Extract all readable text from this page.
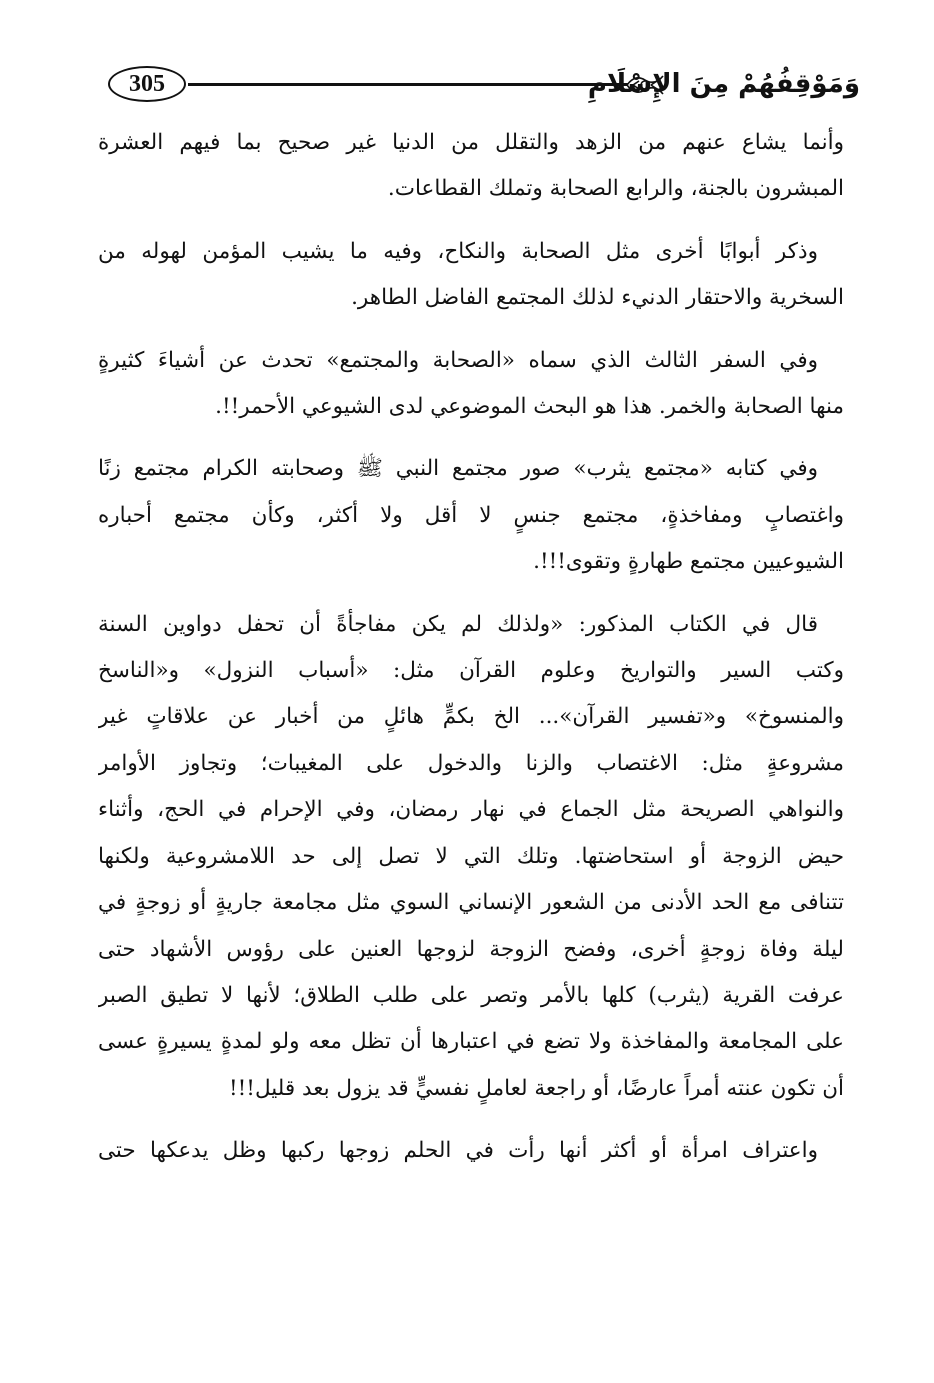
305	وَمَوْقِفُهُمْ مِنَ الإِسْلَامِ
وأنما يشاع عنهم من الزهد والتقلل من الدنيا غير صحيح بما فيهم العشرة
المبشرون بالجنة، والرابع الصحابة وتملك القطاعات.
وذكر أبوابًا أخرى مثل الصحابة والنكاح، وفيه ما يشيب المؤمن لهوله من
السخرية والاحتقار الدنيء لذلك المجتمع الفاضل الطاهر.
وفي السفر الثالث الذي سماه «الصحابة والمجتمع» تحدث عن أشياءَ كثيرةٍ
منها الصحابة والخمر. هذا هو البحث الموضوعي لدى الشيوعي الأحمر!!.
وفي كتابه «مجتمع يثرب» صور مجتمع النبي ﷺ وصحابته الكرام مجتمع زنًا
واغتصابٍ ومفاخذةٍ، مجتمع جنسٍ لا أقل ولا أكثر، وكأن مجتمع أحباره
الشيوعيين مجتمع طهارةٍ وتقوى!!!.
قال في الكتاب المذكور: «ولذلك لم يكن مفاجأةً أن تحفل دواوين السنة
وكتب السير والتواريخ وعلوم القرآن مثل: «أسباب النزول» و«الناسخ
والمنسوخ» و«تفسير القرآن»... الخ بكمٍّ هائلٍ من أخبار عن علاقاتٍ غير
مشروعةٍ مثل: الاغتصاب والزنا والدخول على المغيبات؛ وتجاوز الأوامر
والنواهي الصريحة مثل الجماع في نهار رمضان، وفي الإحرام في الحج، وأثناء
حيض الزوجة أو استحاضتها. وتلك التي لا تصل إلى حد اللامشروعية ولكنها
تتنافى مع الحد الأدنى من الشعور الإنساني السوي مثل مجامعة جاريةٍ أو زوجةٍ في
ليلة وفاة زوجةٍ أخرى، وفضح الزوجة لزوجها العنين على رؤوس الأشهاد حتى
عرفت القرية (يثرب) كلها بالأمر وتصر على طلب الطلاق؛ لأنها لا تطيق الصبر
على المجامعة والمفاخذة ولا تضع في اعتبارها أن تظل معه ولو لمدةٍ يسيرةٍ عسى
أن تكون عنته أمراً عارضًا، أو راجعة لعاملٍ نفسيٍّ قد يزول بعد قليل!!!
واعتراف امرأة أو أكثر أنها رأت في الحلم زوجها ركبها وظل يدعكها حتى
